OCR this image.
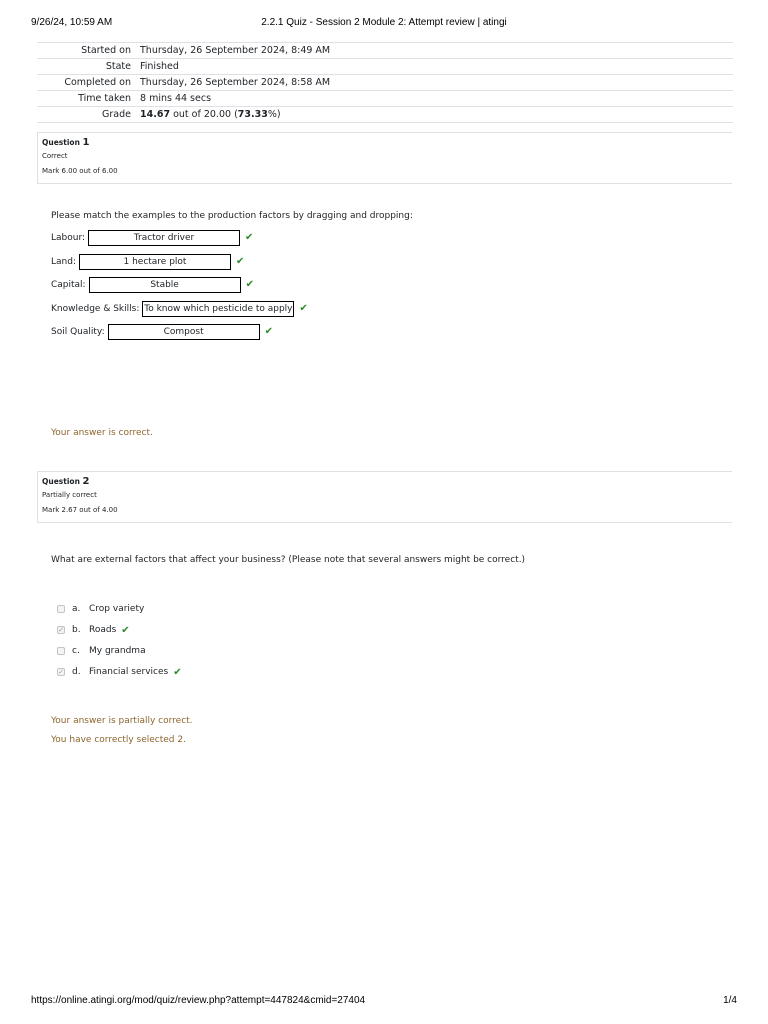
9/26/24, 10:59 AM	2.2.1 Quiz - Session 2 Module 2: Attempt review | atingi
Started on	Thursday, 26 September 2024, 8:49 AM
State	Finished
Completed on	Thursday, 26 September 2024, 8:58 AM
Time taken	8 mins 44 secs
Grade	14.67 out of 20.00 (73.33%)
Question 1
Correct
Mark 6.00 out of 6.00
Please match the examples to the production factors by dragging and dropping:
Labour:	Tractor driver	✔
Land:	1 hectare plot	✔
Capital:	Stable	✔
Knowledge & Skills: To know which pesticide to apply ✔
Soil Quality:	Compost	✔
Your answer is correct.
Question 2
Partially correct
Mark 2.67 out of 4.00
What are external factors that affect your business? (Please note that several answers might be correct.)
a. Crop variety
✓ b. Roads ✔
c.	My grandma
✓ d. Financial services ✔
Your answer is partially correct.
You have correctly selected 2.
https://online.atingi.org/mod/quiz/review.php?attempt=447824&cmid=27404	1/4
